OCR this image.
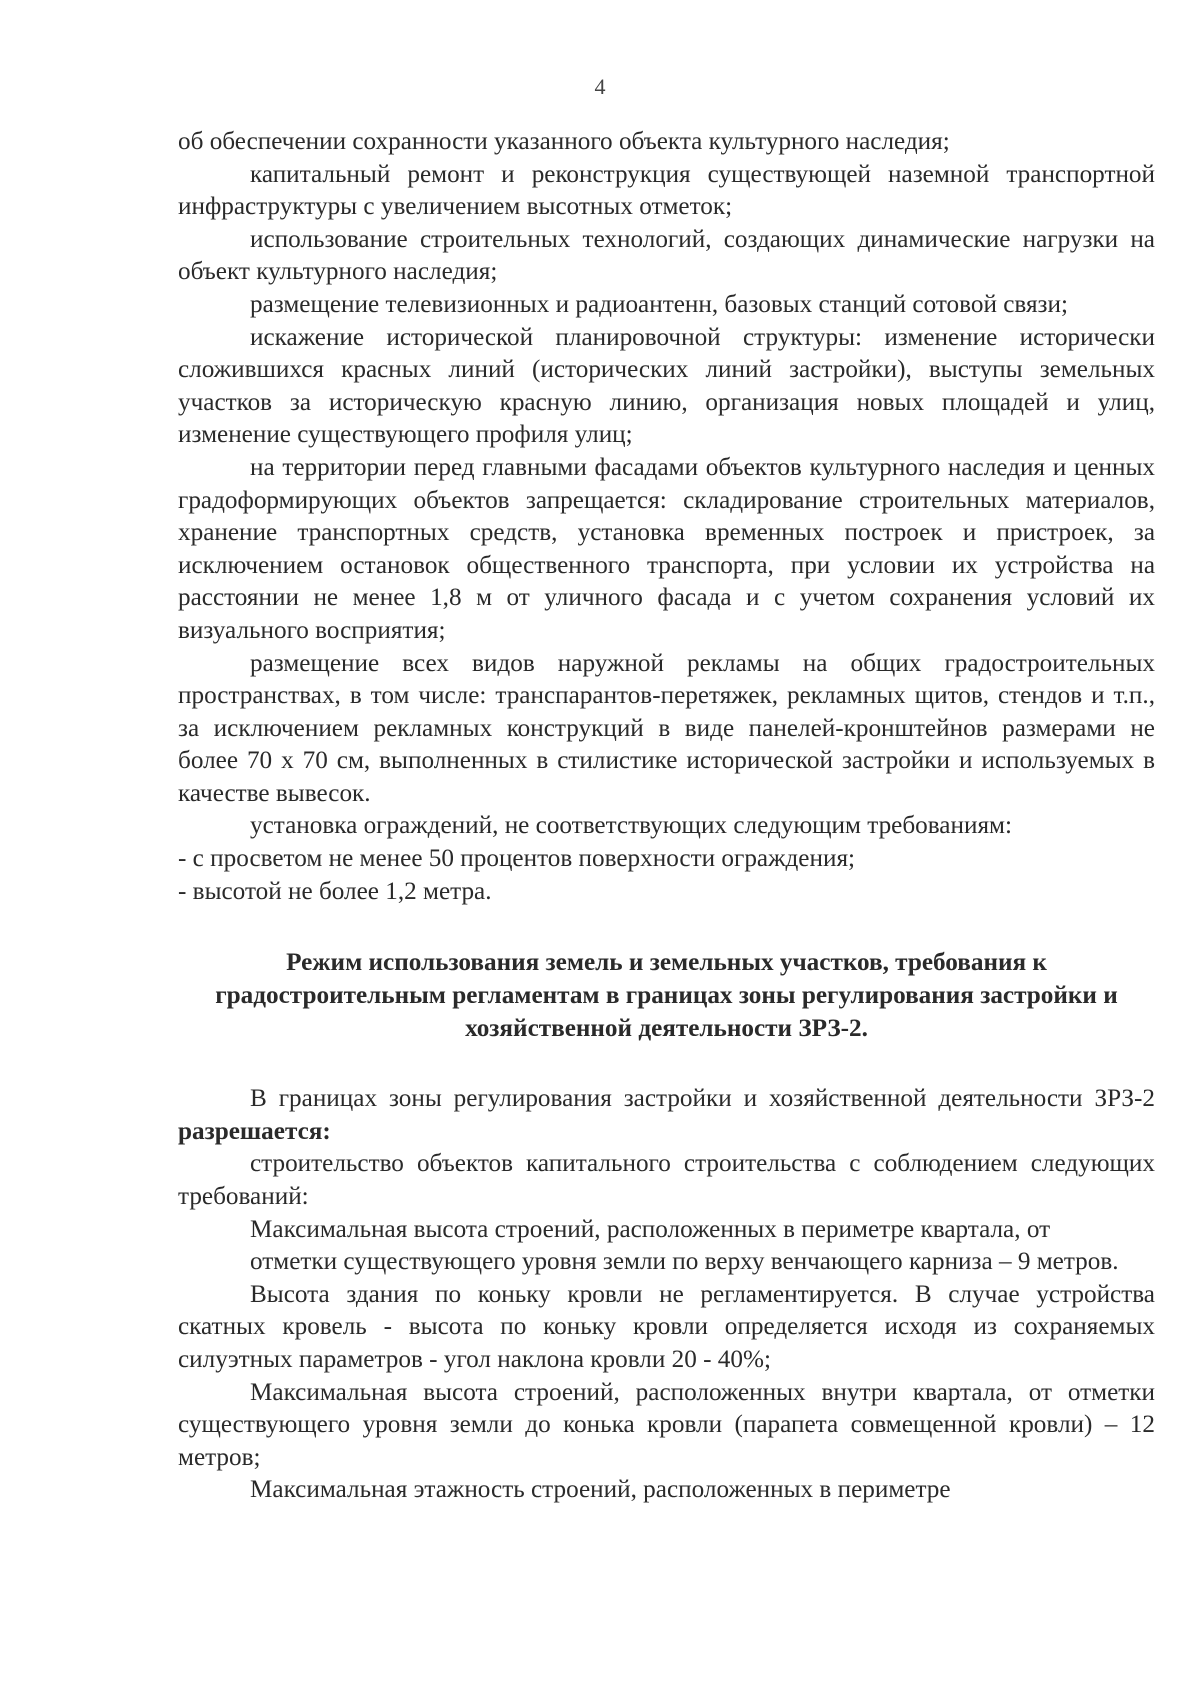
4

об обеспечении сохранности указанного объекта культурного наследия;

капитальный ремонт и реконструкция существующей наземной транспортной инфраструктуры с увеличением высотных отметок;

использование строительных технологий, создающих динамические нагрузки на объект культурного наследия;

размещение телевизионных и радиоантенн, базовых станций сотовой связи;

искажение исторической планировочной структуры: изменение исторически сложившихся красных линий (исторических линий застройки), выступы земельных участков за историческую красную линию, организация новых площадей и улиц, изменение существующего профиля улиц;

на территории перед главными фасадами объектов культурного наследия и ценных градоформирующих объектов запрещается: складирование строительных материалов, хранение транспортных средств, установка временных построек и пристроек, за исключением остановок общественного транспорта, при условии их устройства на расстоянии не менее 1,8 м от уличного фасада и с учетом сохранения условий их визуального восприятия;

размещение всех видов наружной рекламы на общих градостроительных пространствах, в том числе: транспарантов-перетяжек, рекламных щитов, стендов и т.п., за исключением рекламных конструкций в виде панелей-кронштейнов размерами не более 70 х 70 см, выполненных в стилистике исторической застройки и используемых в качестве вывесок.

установка ограждений, не соответствующих следующим требованиям:

- с просветом не менее 50 процентов поверхности ограждения;

- высотой не более 1,2 метра.

Режим использования земель и земельных участков, требования к градостроительным регламентам в границах зоны регулирования застройки и хозяйственной деятельности ЗРЗ-2.

В границах зоны регулирования застройки и хозяйственной деятельности ЗРЗ-2 разрешается:

строительство объектов капитального строительства с соблюдением следующих требований:

Максимальная высота строений, расположенных в периметре квартала, от

отметки существующего уровня земли по верху венчающего карниза – 9 метров.

Высота здания по коньку кровли не регламентируется. В случае устройства скатных кровель - высота по коньку кровли определяется исходя из сохраняемых силуэтных параметров - угол наклона кровли 20 - 40%;

Максимальная высота строений, расположенных внутри квартала, от отметки существующего уровня земли до конька кровли (парапета совмещенной кровли) – 12 метров;

Максимальная этажность строений, расположенных в периметре
